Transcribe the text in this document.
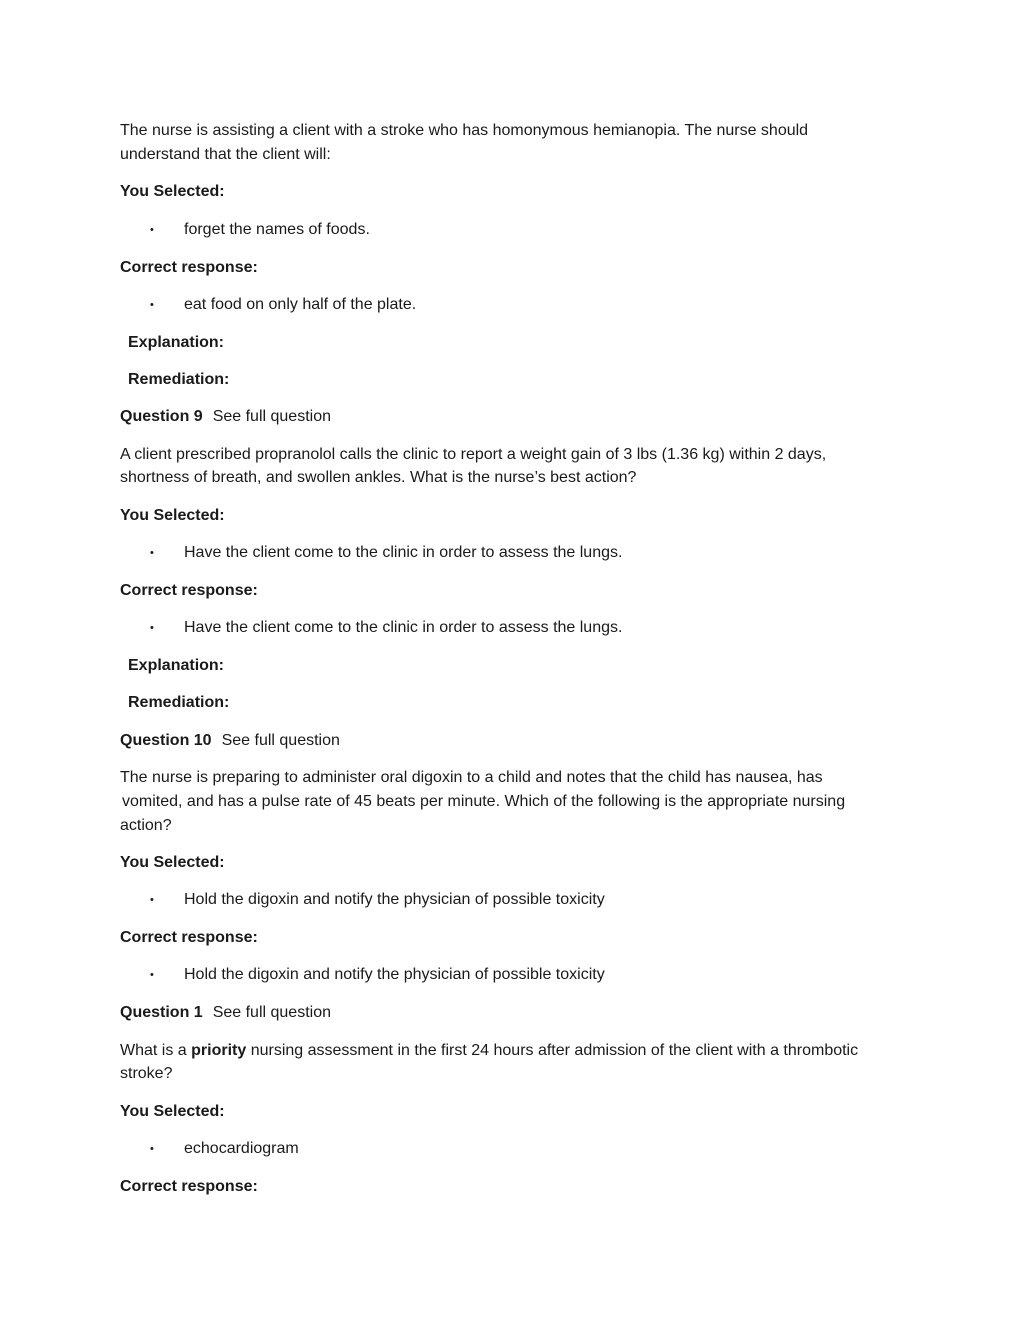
The nurse is assisting a client with a stroke who has homonymous hemianopia. The nurse should
understand that the client will:
You Selected:
• forget the names of foods.
Correct response:
• eat food on only half of the plate.
Explanation:
Remediation:
Question 9 See full question
A client prescribed propranolol calls the clinic to report a weight gain of 3 lbs (1.36 kg) within 2 days,
shortness of breath, and swollen ankles. What is the nurse’s best action?
You Selected:
• Have the client come to the clinic in order to assess the lungs.
Correct response:
• Have the client come to the clinic in order to assess the lungs.
Explanation:
Remediation:
Question 10 See full question
The nurse is preparing to administer oral digoxin to a child and notes that the child has nausea, has
vomited, and has a pulse rate of 45 beats per minute. Which of the following is the appropriate nursing
action?
You Selected:
• Hold the digoxin and notify the physician of possible toxicity
Correct response:
• Hold the digoxin and notify the physician of possible toxicity
Question 1 See full question
What is a priority nursing assessment in the first 24 hours after admission of the client with a thrombotic
stroke?
You Selected:
• echocardiogram
Correct response:
